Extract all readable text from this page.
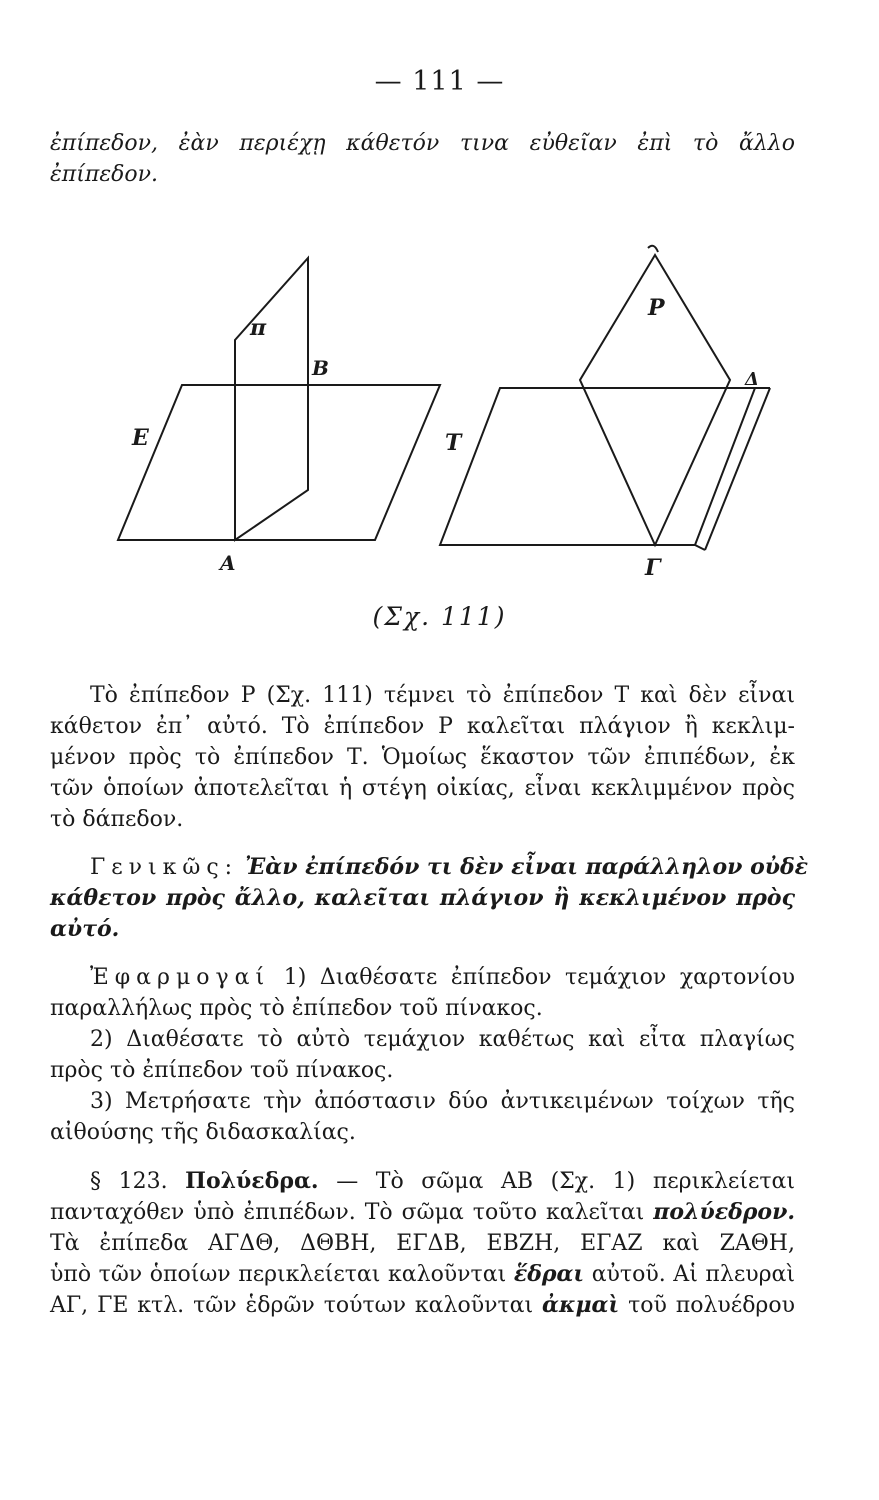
— 111 —
ἐπίπεδον, ἐὰν περιέχῃ κάθετόν τινα εὐθεῖαν ἐπὶ τὸ ἄλλο
ἐπίπεδον.
E
π
B
A
T
P
Δ
Γ
(Σχ. 111)
Τὸ ἐπίπεδον Ρ (Σχ. 111) τέμνει τὸ ἐπίπεδον Τ καὶ δὲν εἶναι
κάθετον ἐπ᾽ αὐτό. Τὸ ἐπίπεδον Ρ καλεῖται πλάγιον ἢ κεκλιμ-
μένον πρὸς τὸ ἐπίπεδον Τ. Ὁμοίως ἕκαστον τῶν ἐπιπέδων, ἐκ
τῶν ὁποίων ἀποτελεῖται ἡ στέγη οἰκίας, εἶναι κεκλιμμένον πρὸς
τὸ δάπεδον.
Γενικῶς: Ἐὰν ἐπίπεδόν τι δὲν εἶναι παράλληλον οὐδὲ
κάθετον πρὸς ἄλλο, καλεῖται πλάγιον ἢ κεκλιμένον πρὸς
αὐτό.
Ἐφαρμογαί 1) Διαθέσατε ἐπίπεδον τεμάχιον χαρτονίου
παραλλήλως πρὸς τὸ ἐπίπεδον τοῦ πίνακος.
2) Διαθέσατε τὸ αὐτὸ τεμάχιον καθέτως καὶ εἶτα πλαγίως
πρὸς τὸ ἐπίπεδον τοῦ πίνακος.
3) Μετρήσατε τὴν ἀπόστασιν δύο ἀντικειμένων τοίχων τῆς
αἰθούσης τῆς διδασκαλίας.
§ 123. Πολύεδρα. — Τὸ σῶμα ΑΒ (Σχ. 1) περικλείεται
πανταχόθεν ὑπὸ ἐπιπέδων. Τὸ σῶμα τοῦτο καλεῖται πολύεδρον.
Τὰ ἐπίπεδα ΑΓΔΘ, ΔΘΒΗ, ΕΓΔΒ, ΕΒΖΗ, ΕΓΑΖ καὶ ΖΑΘΗ,
ὑπὸ τῶν ὁποίων περικλείεται καλοῦνται ἕδραι αὐτοῦ. Αἱ πλευραὶ
ΑΓ, ΓΕ κτλ. τῶν ἑδρῶν τούτων καλοῦνται ἀκμαὶ τοῦ πολυέδρου
